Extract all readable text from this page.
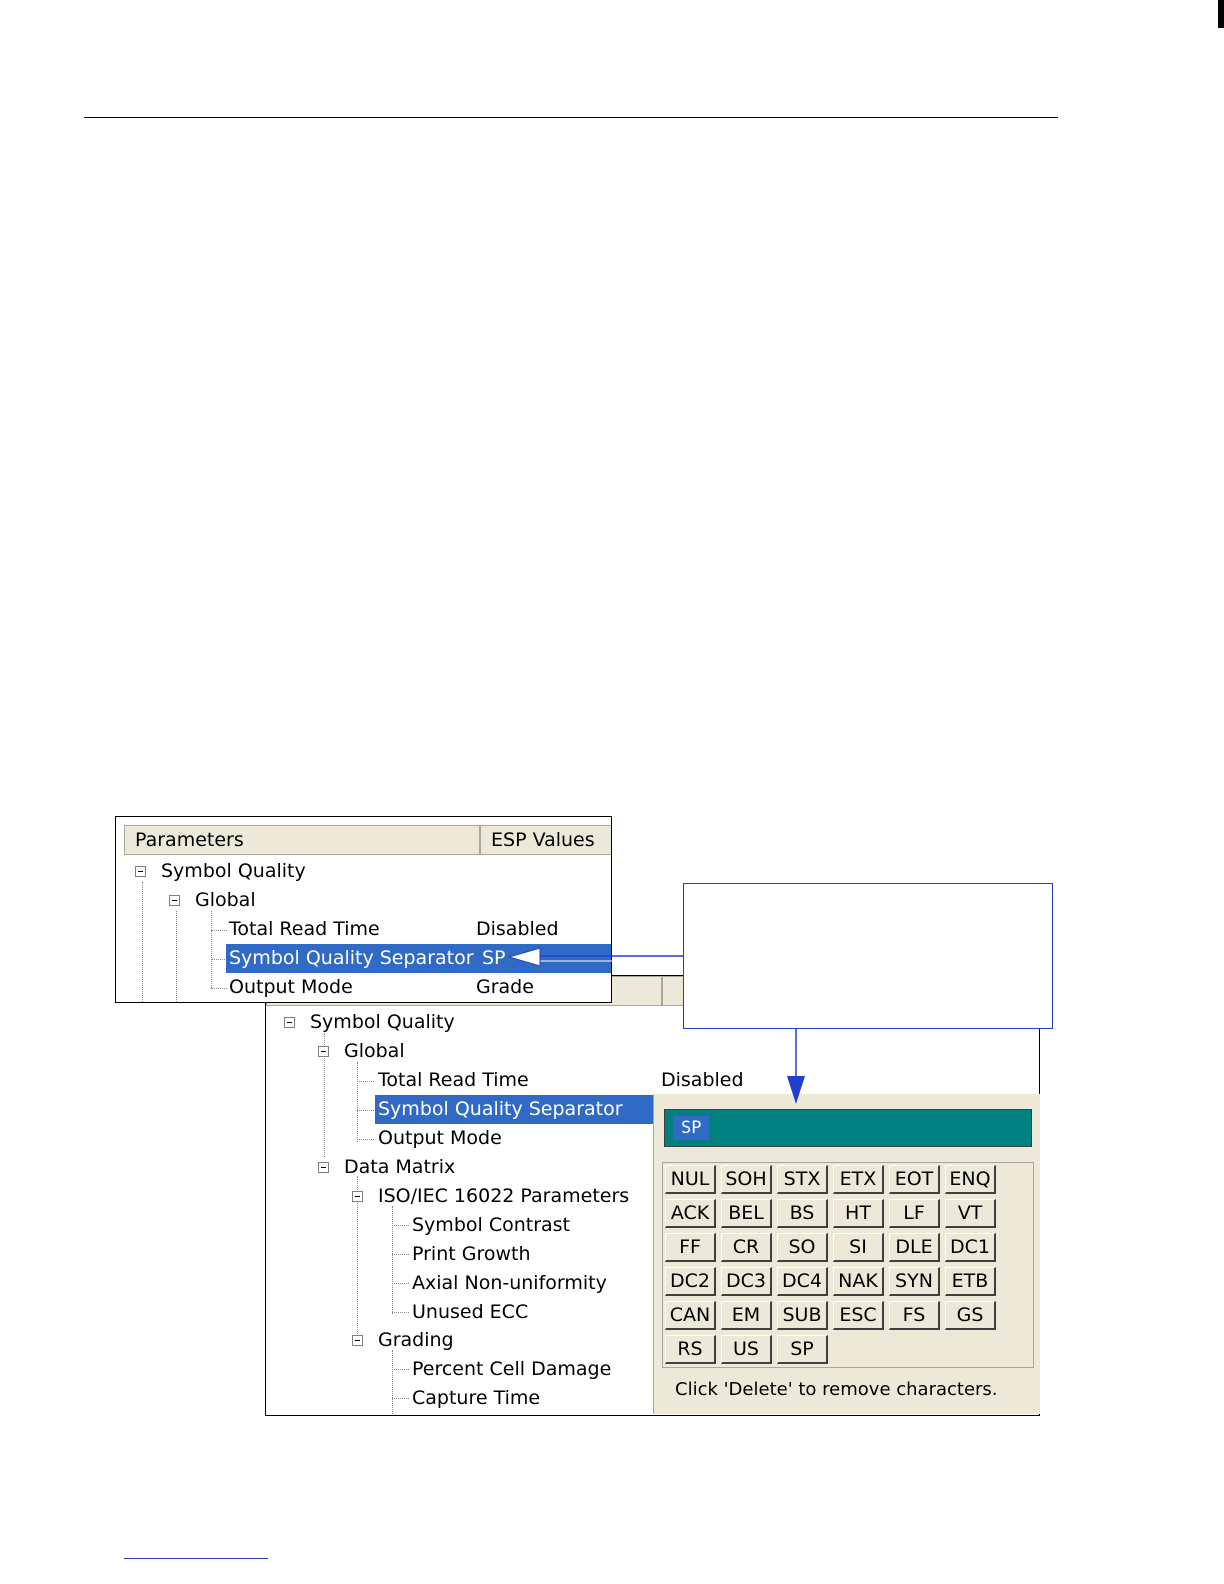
Symbol Quality
Global
Total Read Time	Disabled
Symbol Quality Separator
Output Mode
Data Matrix
ISO/IEC 16022 Parameters
Symbol Contrast
Print Growth
Axial Non-uniformity
Unused ECC
Grading
Percent Cell Damage
Capture Time
SP
NUL SOH STX	ETX EOT ENQ
ACK	BEL	BS	HT	LF	VT
FF	CR	SO	SI	DLE DC1
DC2 DC3 DC4 NAK SYN ETB
CAN	EM	SUB ESC	FS	GS
RS	US	SP
Click 'Delete' to remove characters.
Parameters	ESP Values
Symbol Quality
Global
Total Read Time	Disabled
Symbol Quality Separator SP
Output Mode	Grade
